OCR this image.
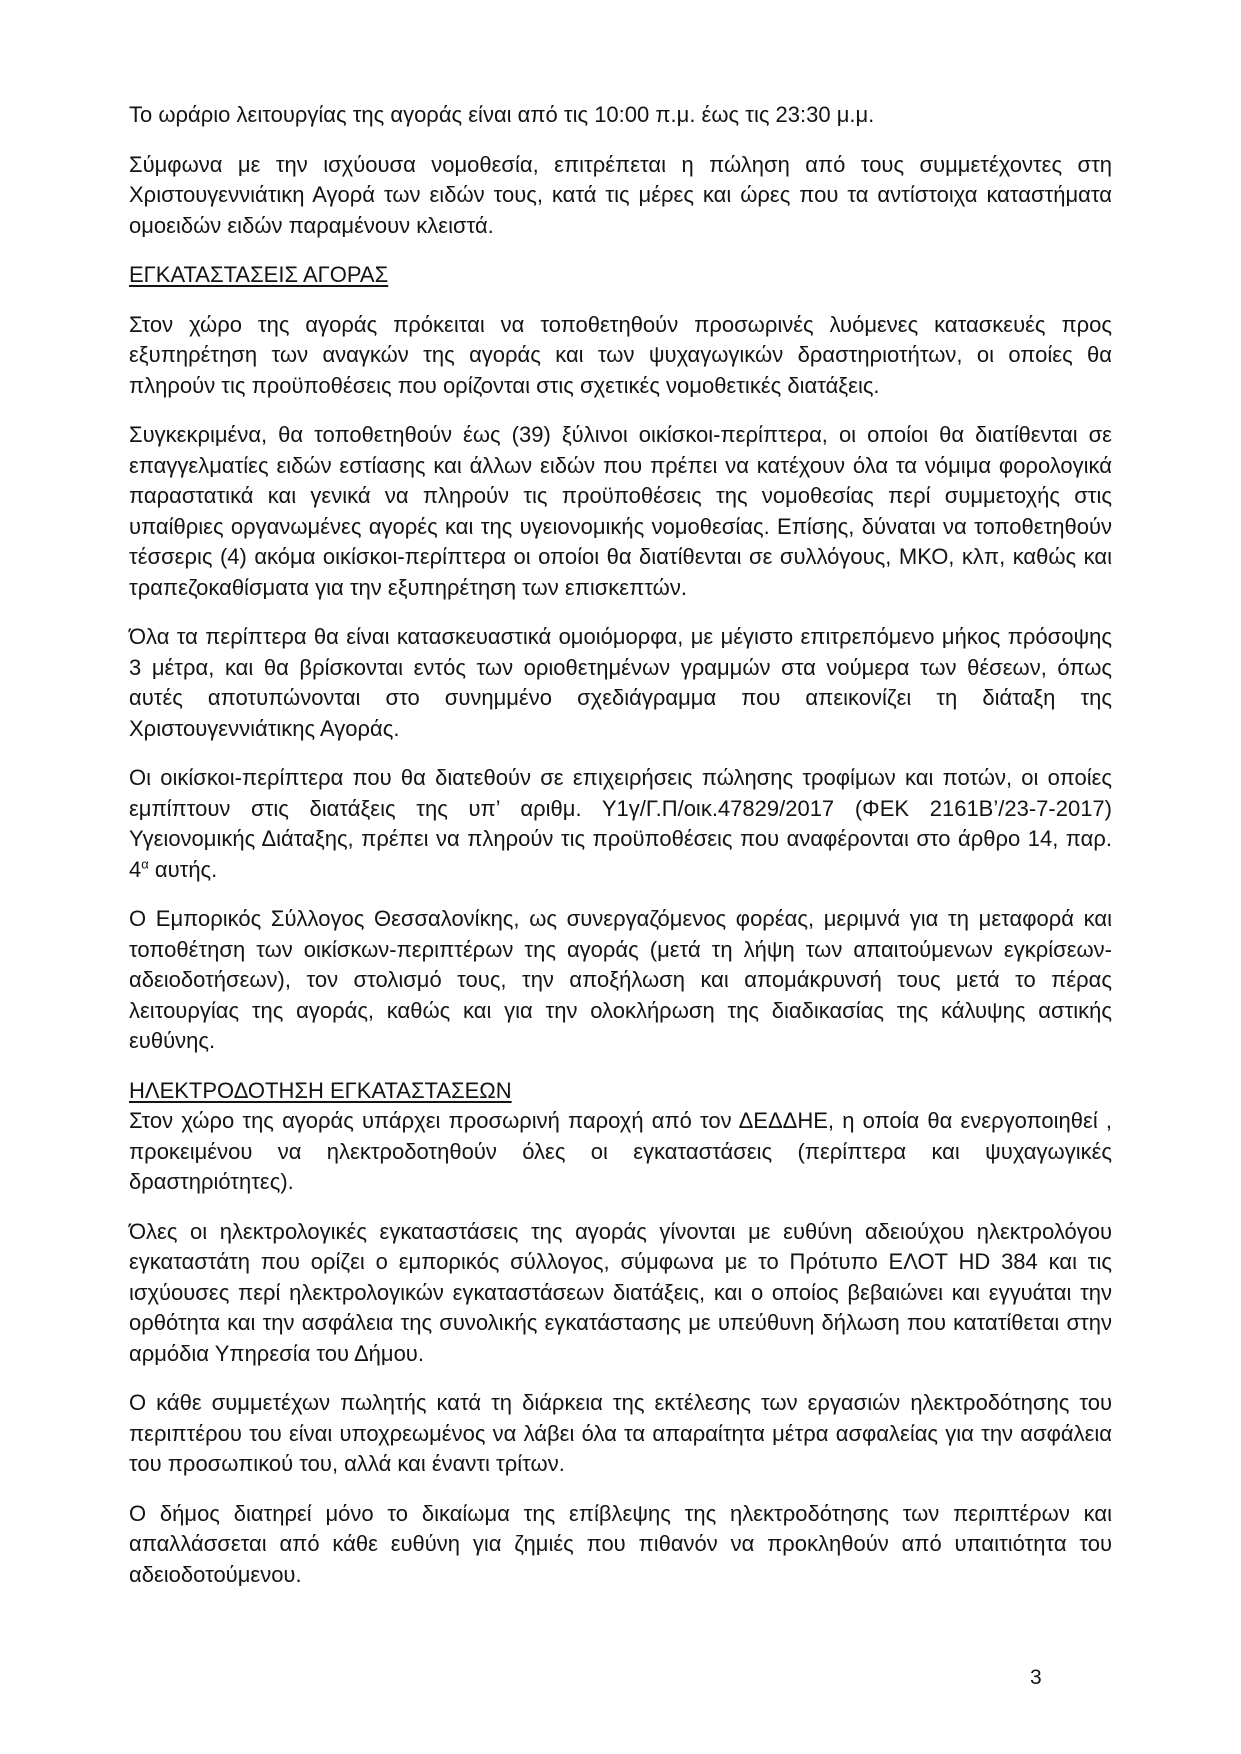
Το ωράριο λειτουργίας της αγοράς είναι από τις 10:00 π.μ. έως τις 23:30 μ.μ.

Σύμφωνα με την ισχύουσα νομοθεσία, επιτρέπεται η πώληση από τους συμμετέχοντες στη Χριστουγεννιάτικη Αγορά των ειδών τους, κατά τις μέρες και ώρες που τα αντίστοιχα καταστήματα ομοειδών ειδών παραμένουν κλειστά.

ΕΓΚΑΤΑΣΤΑΣΕΙΣ ΑΓΟΡΑΣ

Στον χώρο της αγοράς πρόκειται να τοποθετηθούν προσωρινές λυόμενες κατασκευές προς εξυπηρέτηση των αναγκών της αγοράς και των ψυχαγωγικών δραστηριοτήτων, οι οποίες θα πληρούν τις προϋποθέσεις που ορίζονται στις σχετικές νομοθετικές διατάξεις.

Συγκεκριμένα, θα τοποθετηθούν έως (39) ξύλινοι οικίσκοι-περίπτερα, οι οποίοι θα διατίθενται σε επαγγελματίες ειδών εστίασης και άλλων ειδών που πρέπει να κατέχουν όλα τα νόμιμα φορολογικά παραστατικά και γενικά να πληρούν τις προϋποθέσεις της νομοθεσίας περί συμμετοχής στις υπαίθριες οργανωμένες αγορές και της υγειονομικής νομοθεσίας. Επίσης, δύναται να τοποθετηθούν τέσσερις (4) ακόμα οικίσκοι-περίπτερα οι οποίοι θα διατίθενται σε συλλόγους, ΜΚΟ, κλπ, καθώς και τραπεζοκαθίσματα για την εξυπηρέτηση των επισκεπτών.

Όλα τα περίπτερα θα είναι κατασκευαστικά ομοιόμορφα, με μέγιστο επιτρεπόμενο μήκος πρόσοψης 3 μέτρα, και θα βρίσκονται εντός των οριοθετημένων γραμμών στα νούμερα των θέσεων, όπως αυτές αποτυπώνονται στο συνημμένο σχεδιάγραμμα που απεικονίζει τη διάταξη της Χριστουγεννιάτικης Αγοράς.

Οι οικίσκοι-περίπτερα που θα διατεθούν σε επιχειρήσεις πώλησης τροφίμων και ποτών, οι οποίες εμπίπτουν στις διατάξεις της υπ’ αριθμ. Υ1γ/Γ.Π/οικ.47829/2017 (ΦΕΚ 2161Β’/23-7-2017) Υγειονομικής Διάταξης, πρέπει να πληρούν τις προϋποθέσεις που αναφέρονται στο άρθρο 14, παρ. $4^\alpha$ αυτής.

Ο Εμπορικός Σύλλογος Θεσσαλονίκης, ως συνεργαζόμενος φορέας, μεριμνά για τη μεταφορά και τοποθέτηση των οικίσκων-περιπτέρων της αγοράς (μετά τη λήψη των απαιτούμενων εγκρίσεων-αδειοδοτήσεων), τον στολισμό τους, την αποξήλωση και απομάκρυνσή τους μετά το πέρας λειτουργίας της αγοράς, καθώς και για την ολοκλήρωση της διαδικασίας της κάλυψης αστικής ευθύνης.

ΗΛΕΚΤΡΟΔΟΤΗΣΗ ΕΓΚΑΤΑΣΤΑΣΕΩΝ

Στον χώρο της αγοράς υπάρχει προσωρινή παροχή από τον ΔΕΔΔΗΕ, η οποία θα ενεργοποιηθεί , προκειμένου να ηλεκτροδοτηθούν όλες οι εγκαταστάσεις (περίπτερα και ψυχαγωγικές δραστηριότητες).

Όλες οι ηλεκτρολογικές εγκαταστάσεις της αγοράς γίνονται με ευθύνη αδειούχου ηλεκτρολόγου εγκαταστάτη που ορίζει ο εμπορικός σύλλογος, σύμφωνα με το Πρότυπο ΕΛΟΤ HD 384 και τις ισχύουσες περί ηλεκτρολογικών εγκαταστάσεων διατάξεις, και ο οποίος βεβαιώνει και εγγυάται την ορθότητα και την ασφάλεια της συνολικής εγκατάστασης με υπεύθυνη δήλωση που κατατίθεται στην αρμόδια Υπηρεσία του Δήμου.

Ο κάθε συμμετέχων πωλητής κατά τη διάρκεια της εκτέλεσης των εργασιών ηλεκτροδότησης του περιπτέρου του είναι υποχρεωμένος να λάβει όλα τα απαραίτητα μέτρα ασφαλείας για την ασφάλεια του προσωπικού του, αλλά και έναντι τρίτων.

Ο δήμος διατηρεί μόνο το δικαίωμα της επίβλεψης της ηλεκτροδότησης των περιπτέρων και απαλλάσσεται από κάθε ευθύνη για ζημιές που πιθανόν να προκληθούν από υπαιτιότητα του αδειοδοτούμενου.

3
